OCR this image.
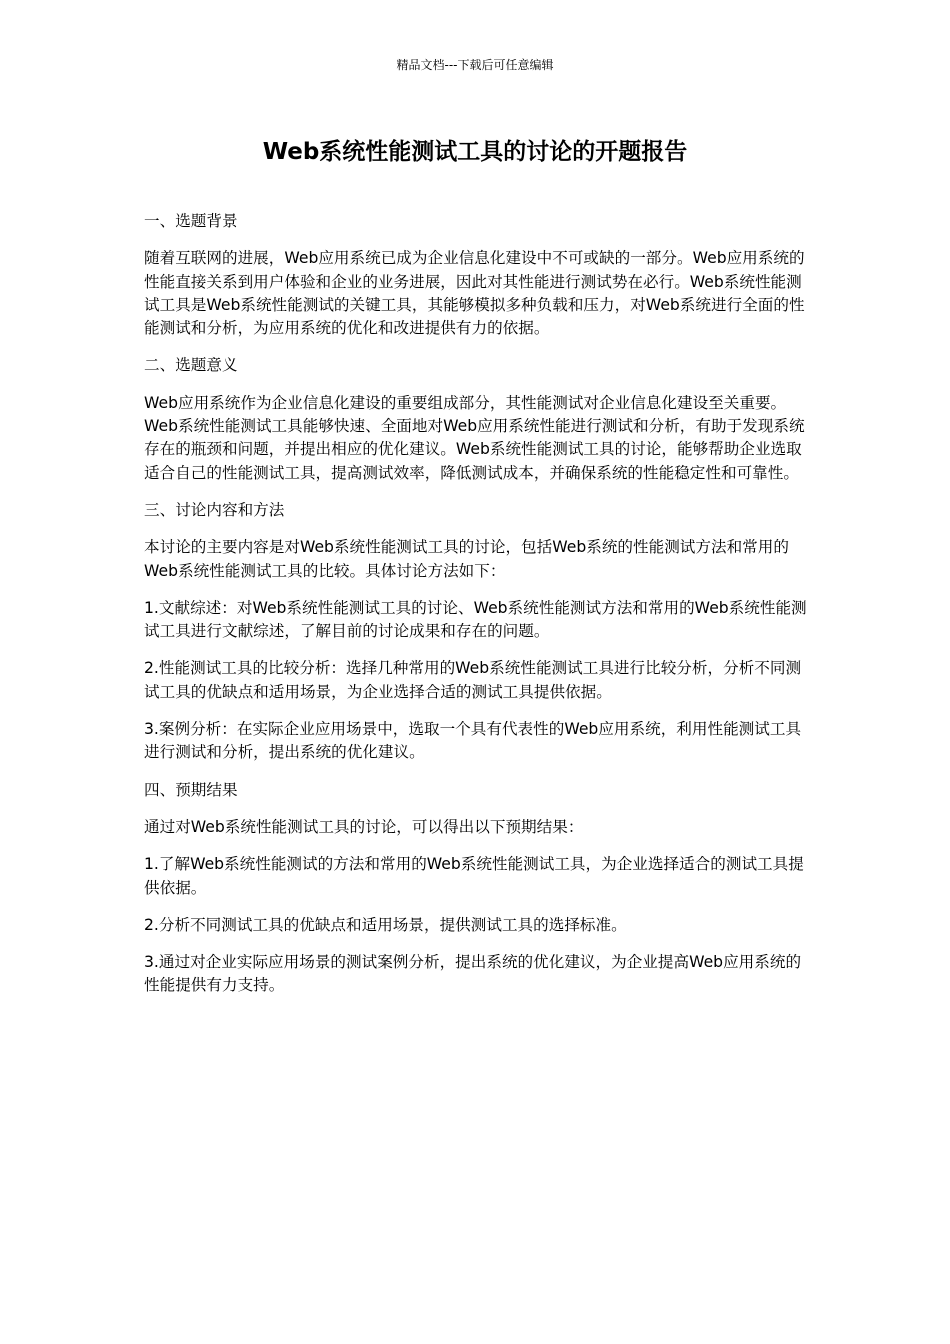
精品文档---下载后可任意编辑
Web系统性能测试工具的讨论的开题报告

一、选题背景

随着互联网的进展，Web应用系统已成为企业信息化建设中不可或缺的一部分。Web应用系统的性能直接关系到用户体验和企业的业务进展，因此对其性能进行测试势在必行。Web系统性能测试工具是Web系统性能测试的关键工具，其能够模拟多种负载和压力，对Web系统进行全面的性能测试和分析，为应用系统的优化和改进提供有力的依据。

二、选题意义

Web应用系统作为企业信息化建设的重要组成部分，其性能测试对企业信息化建设至关重要。Web系统性能测试工具能够快速、全面地对Web应用系统性能进行测试和分析，有助于发现系统存在的瓶颈和问题，并提出相应的优化建议。Web系统性能测试工具的讨论，能够帮助企业选取适合自己的性能测试工具，提高测试效率，降低测试成本，并确保系统的性能稳定性和可靠性。

三、讨论内容和方法

本讨论的主要内容是对Web系统性能测试工具的讨论，包括Web系统的性能测试方法和常用的Web系统性能测试工具的比较。具体讨论方法如下：

1.文献综述：对Web系统性能测试工具的讨论、Web系统性能测试方法和常用的Web系统性能测试工具进行文献综述，了解目前的讨论成果和存在的问题。

2.性能测试工具的比较分析：选择几种常用的Web系统性能测试工具进行比较分析，分析不同测试工具的优缺点和适用场景，为企业选择合适的测试工具提供依据。

3.案例分析：在实际企业应用场景中，选取一个具有代表性的Web应用系统，利用性能测试工具进行测试和分析，提出系统的优化建议。

四、预期结果

通过对Web系统性能测试工具的讨论，可以得出以下预期结果：

1.了解Web系统性能测试的方法和常用的Web系统性能测试工具，为企业选择适合的测试工具提供依据。

2.分析不同测试工具的优缺点和适用场景，提供测试工具的选择标准。

3.通过对企业实际应用场景的测试案例分析，提出系统的优化建议，为企业提高Web应用系统的性能提供有力支持。
